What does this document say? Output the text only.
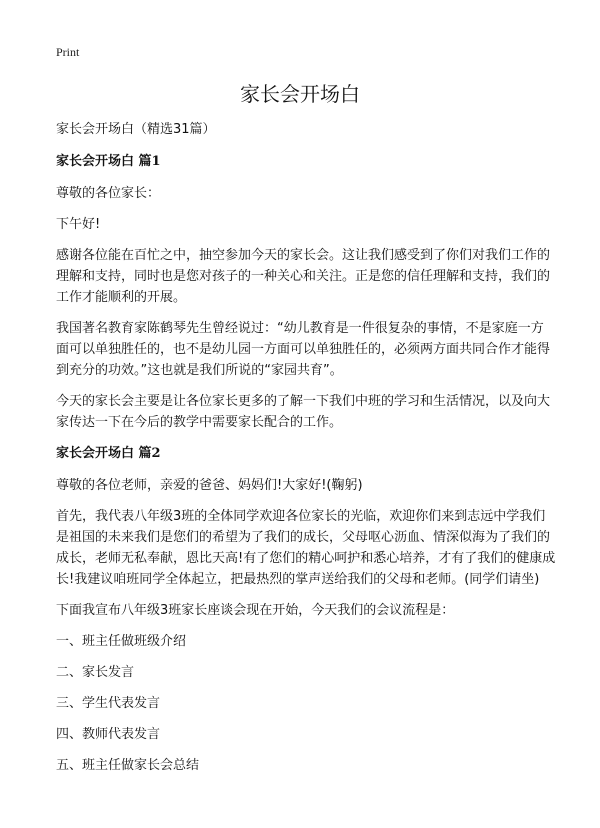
Print
家长会开场白

家长会开场白（精选31篇）

家长会开场白 篇1

尊敬的各位家长：

下午好!

感谢各位能在百忙之中，抽空参加今天的家长会。这让我们感受到了你们对我们工作的理解和支持，同时也是您对孩子的一种关心和关注。正是您的信任理解和支持，我们的工作才能顺利的开展。

我国著名教育家陈鹤琴先生曾经说过：“幼儿教育是一件很复杂的事情，不是家庭一方面可以单独胜任的，也不是幼儿园一方面可以单独胜任的，必须两方面共同合作才能得到充分的功效。”这也就是我们所说的“家园共育”。

今天的家长会主要是让各位家长更多的了解一下我们中班的学习和生活情况，以及向大家传达一下在今后的教学中需要家长配合的工作。

家长会开场白 篇2

尊敬的各位老师，亲爱的爸爸、妈妈们!大家好!(鞠躬)

首先，我代表八年级3班的全体同学欢迎各位家长的光临，欢迎你们来到志远中学我们是祖国的未来我们是您们的希望为了我们的成长，父母呕心沥血、情深似海为了我们的成长，老师无私奉献，恩比天高!有了您们的精心呵护和悉心培养，才有了我们的健康成长!我建议咱班同学全体起立，把最热烈的掌声送给我们的父母和老师。(同学们请坐)

下面我宣布八年级3班家长座谈会现在开始，今天我们的会议流程是：

一、班主任做班级介绍

二、家长发言

三、学生代表发言

四、教师代表发言

五、班主任做家长会总结
